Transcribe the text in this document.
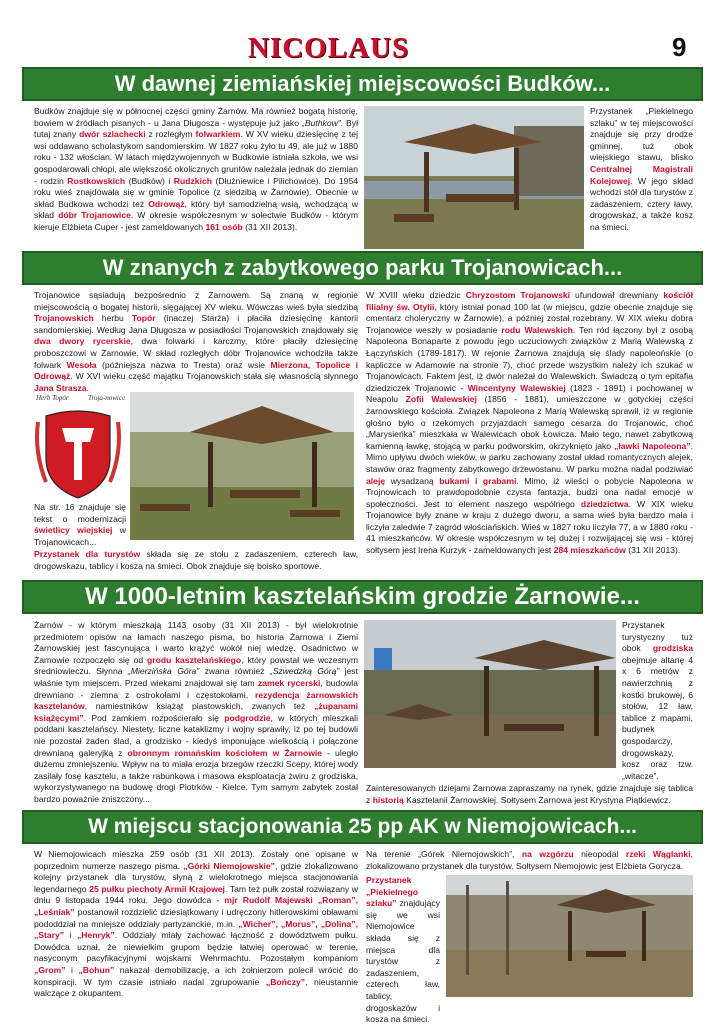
NICOLAUS	9
W dawnej ziemiańskiej miejscowości Budków...

Budków znajduje się w północnej części gminy Żarnów. Ma również bogatą historię, bowiem w źródłach pisanych - u Jana Długosza - występuje już jako „Buthkow”. Był tutaj znany dwór szlachecki z rozległym folwarkiem. W XV wieku dziesięcinę z tej wsi oddawano scholastykom sandomierskim. W 1827 roku żyło tu 49, ale już w 1880 roku - 132 włościan. W latach międzywojennych w Budkowie istniała szkoła, we wsi gospodarowali chłopi, ale większość okolicznych gruntów należała jednak do ziemian - rodzin Rostkowskich (Budków) i Rudzkich (Dłużniewice i Pilichowice). Do 1954 roku wieś znajdowała się w gminie Topolice (z siedzibą w Żarnowie). Obecnie w skład Budkowa wchodzi też Odrowąż, który był samodzielną wsią, wchodzącą w skład dóbr Trojanowice. W okresie współczesnym w sołectwie Budków - którym kieruje Elżbieta Cuper - jest zameldowanych 161 osób (31 XII 2013).

Przystanek „Piekielnego szlaku” w tej miejscowości znajduje się przy drodze gminnej, tuż obok wiejskiego stawu, blisko Centralnej Magistrali Kolejowej. W jego skład wchodzi stół dla turystów z zadaszeniem, cztery ławy, drogowskaz, a także kosz na śmieci.

W znanych z zabytkowego parku Trojanowicach...

Trojanowice sąsiadują bezpośrednio z Żarnowem. Są znaną w regionie miejscowością o bogatej historii, sięgającej XV wieku. Wówczas wieś była siedzibą Trojanowskich herbu Topór (inaczej Starża) i płaciła dziesięcinę kantorii sandomierskiej. Według Jana Długosza w posiadłości Trojanowskich znajdowały się dwa dwory rycerskie, dwa folwarki i karczmy, które płaciły dziesięcinę proboszczowi w Żarnowie. W skład rozległych dóbr Trojanowice wchodziła także folwark Wesoła (późniejsza nazwa to Tresta) oraz wsie Mierzona, Topolice i Odrowąż. W XVI wieku część majątku Trojanowskich stała się własnością słynnego Jana Strasza.

Herb Topór	Troja-nowice

Na str. 16 znajduje się tekst o modernizacji świetlicy wiejskiej w Trojanowicach...

Przystanek dla turystów składa się ze stołu z zadaszeniem, czterech ław, drogowskazu, tablicy i kosza na śmieci. Obok znajduje się boisko sportowe.

W XVIII wieku dziedzic Chryzostom Trojanowski ufundował drewniany kościół filialny św. Otylii, który istniał ponad 100 lat (w miejscu, gdzie obecnie znajduje się cmentarz choleryczny w Żarnowie), a później został rozebrany. W XIX wieku dobra Trojanowice weszły w posiadanie rodu Walewskich. Ten ród łączony był z osobą Napoleona Bonaparte z powodu jego uczuciowych związków z Marią Walewską z Łączyńskich (1789-1817). W rejonie Żarnowa znajdują się ślady napoleońskie (o kapliczce w Adamowie na stronie 7), choć przede wszystkim należy ich szukać w Trojanowicach. Faktem jest, iż dwór należał do Walewskich. Świadczą o tym epitafia dziedziczek Trojanowic - Wincentyny Walewskiej (1823 - 1891) i pochowanej w Neapolu Zofii Walewskiej (1856 - 1881), umieszczone w gotyckiej części żarnowskiego kościoła. Związek Napoleona z Marią Walewską sprawił, iż w regionie głośno było o rzekomych przyjazdach samego cesarza do Trojanowic, choć „Marysieńka” mieszkała w Walewicach obok Łowicza. Mało tego, nawet zabytkową kamienną ławkę, stojącą w parku podworskim, okrzyknięto jako „ławki Napoleona”. Mimo upływu dwóch wieków, w parku zachowany został układ romantycznych alejek, stawów oraz fragmenty zabytkowego drzewostanu. W parku można nadal podziwiać aleję wysadzaną bukami i grabami. Mimo, iż wieści o pobycie Napoleona w Trojnowicach to prawdopodobnie czysta fantazja, budzi ona nadal emocje w społeczności. Jest to element naszego wspólnego dziedzictwa. W XIX wieku Trojanowice były znane w kraju z dużego dworu, a sama wieś była bardzo mała i liczyła zaledwie 7 zagród włościańskich. Wieś w 1827 roku liczyła 77, a w 1880 roku - 41 mieszkańców. W okresie współczesnym w tej dużej i rozwijającej się wsi - której sołtysem jest Irena Kurzyk - zameldowanych jest 284 mieszkańców (31 XII 2013).

W 1000-letnim kasztelańskim grodzie Żarnowie...

Żarnów - w którym mieszkają 1143 osoby (31 XII 2013) - był wielokrotnie przedmiotem opisów na łamach naszego pisma, bo historia Żarnowa i Ziemi Żarnowskiej jest fascynująca i warto krążyć wokół niej wiedzę. Osadnictwo w Żarnowie rozpoczęło się od grodu kasztelańskiego, który powstał we wczesnym średniowieczu. Słynna „Mierzińska Góra” zwana również „Szwedzką Górą” jest właśnie tym miejscem. Przed wiekami znajdował się tam zamek rycerski, budowla drewniano - ziemna z ostrokołami i częstokołami, rezydencja żarnowskich kasztelanów, namiestników książąt piastowskich, zwanych też „żupanami książęcymi”. Pod zamkiem rozpościerało się podgrodzie, w których mieszkali poddani kasztelańscy. Niestety, liczne kataklizmy i wojny sprawiły, iż po tej budowli nie pozostał żaden ślad, a grodzisko - kiedyś imponujące wielkością i połączone drewnianą galeryjką z obronnym romańskim kościołem w Żarnowie - uległo dużemu zmniejszeniu. Wpływ na to miała erozja brzegów rzeczki Scepy, której wody zasilały fosę kasztelu, a także rabunkowa i masowa eksploatacja żwiru z grodziska, wykorzystywanego na budowę drogi Piotrków - Kielce. Tym samym zabytek został bardzo poważnie zniszczony...

Przystanek turystyczny tuż obok grodziska obejmuje altanę 4 x 6 metrów z nawierzchnią z kostki brukowej, 6 stołów, 12 ław, tablice z mapami, budynek gospodarczy, drogowskazy, kosz oraz tzw. „witacze”.

Zainteresowanych dziejami Żarnowa zapraszamy na rynek, gdzie znajduje się tablica z historią Kasztelanii Żarnowskiej. Sołtysem Żarnowa jest Krystyna Piątkiewicz.

W miejscu stacjonowania 25 pp AK w Niemojowicach...

W Niemojowicach mieszka 259 osób (31 XII 2013). Zostały one opisane w poprzednim numerze naszego pisma. „Górki Niemojowskie”, gdzie zlokalizowano kolejny przystanek dla turystów, słyną z wielokrotnego miejsca stacjonowania legendarnego 25 pułku piechoty Armii Krajowej. Tam też pułk został rozwiązany w dniu 9 listopada 1944 roku. Jego dowódca - mjr Rudolf Majewski „Roman”, „Leśniak” postanowił rozdzielić dziesiątkowany i udręczony hitlerowskimi obławami pododdział na mniejsze oddziały partyzanckie, m.in. „Wicher”, „Morus”, „Dolina”, „Stary” i „Henryk”. Oddziały miały zachować łączność z dowództwem pułku. Dowódca uznał, że niewielkim grupom będzie łatwiej operować w terenie, nasyconym pacyfikacyjnymi wojskami Wehrmachtu. Pozostałym kompaniom „Grom” i „Bohun” nakazał demobilizację, a ich żołnierzom polecił wrócić do konspiracji. W tym czasie istniało nadal zgrupowanie „Bończy”, nieustannie walczące z okupantem.

Na terenie „Górek Niemojowskich”, na wzgórzu nieopodal rzeki Wąglanki, zlokalizowano przystanek dla turystów. Sołtysem Niemojowic jest Elżbieta Gorycza.

Przystanek „Piekielnego szlaku” znajdujący się we wsi Niemojowice składa się z miejsca dla turystów z zadaszeniem, czterech ław, tablicy, drogoskazów i kosza na śmieci.
